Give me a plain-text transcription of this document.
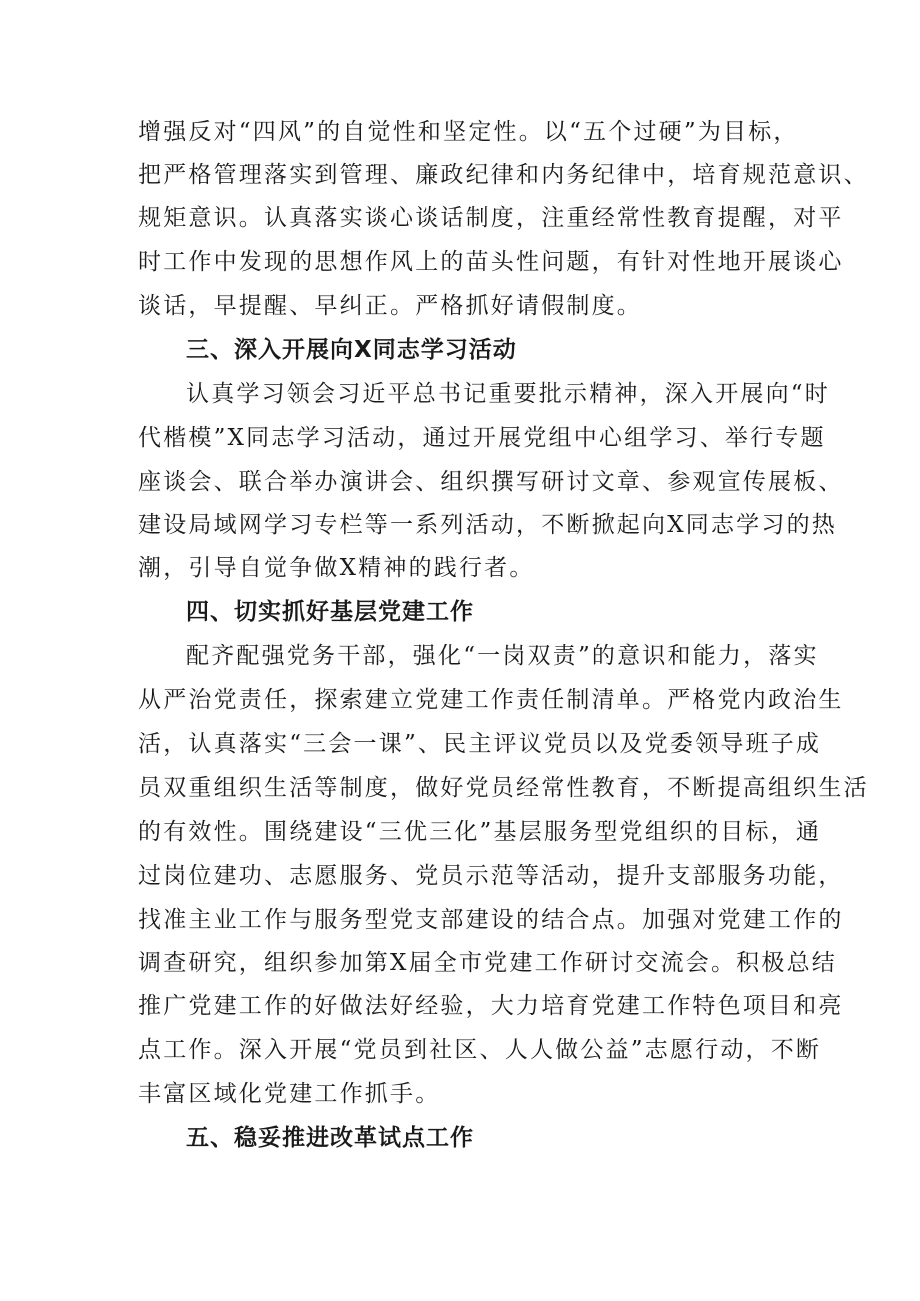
增强反对“四风”的自觉性和坚定性。以“五个过硬”为目标，
把严格管理落实到管理、廉政纪律和内务纪律中，培育规范意识、
规矩意识。认真落实谈心谈话制度，注重经常性教育提醒，对平
时工作中发现的思想作风上的苗头性问题，有针对性地开展谈心
谈话，早提醒、早纠正。严格抓好请假制度。
三、深入开展向X同志学习活动
认真学习领会习近平总书记重要批示精神，深入开展向“时
代楷模”X同志学习活动，通过开展党组中心组学习、举行专题
座谈会、联合举办演讲会、组织撰写研讨文章、参观宣传展板、
建设局域网学习专栏等一系列活动，不断掀起向X同志学习的热
潮，引导自觉争做X精神的践行者。
四、切实抓好基层党建工作
配齐配强党务干部，强化“一岗双责”的意识和能力，落实
从严治党责任，探索建立党建工作责任制清单。严格党内政治生
活，认真落实“三会一课”、民主评议党员以及党委领导班子成
员双重组织生活等制度，做好党员经常性教育，不断提高组织生活
的有效性。围绕建设“三优三化”基层服务型党组织的目标，通
过岗位建功、志愿服务、党员示范等活动，提升支部服务功能，
找准主业工作与服务型党支部建设的结合点。加强对党建工作的
调查研究，组织参加第X届全市党建工作研讨交流会。积极总结
推广党建工作的好做法好经验，大力培育党建工作特色项目和亮
点工作。深入开展“党员到社区、人人做公益”志愿行动，不断
丰富区域化党建工作抓手。
五、稳妥推进改革试点工作
